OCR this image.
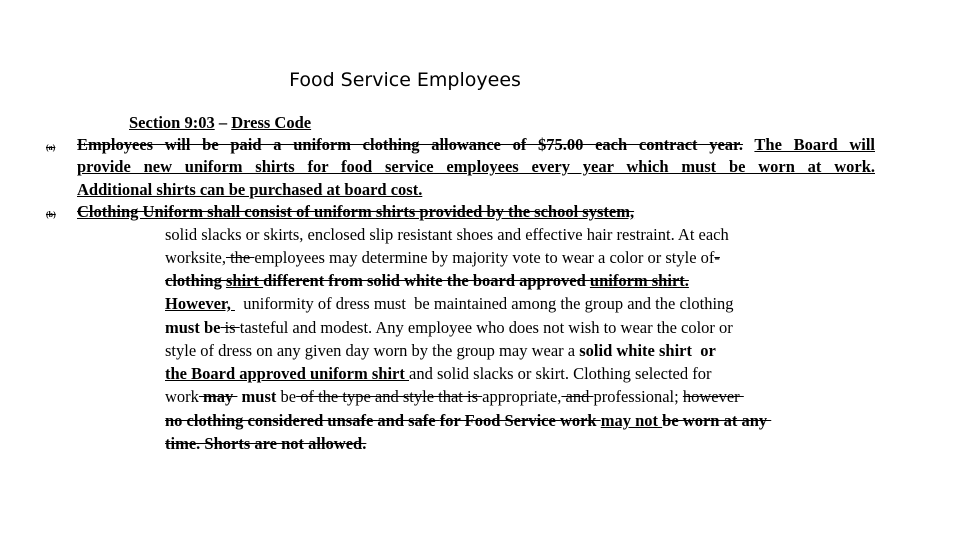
Food Service Employees
(a)
(b)
Section 9:03 – Dress Code
Employees will be paid a uniform clothing allowance of $75.00 each contract year. The Board will
provide new uniform shirts for food service employees every year which must be worn at work.
Additional shirts can be purchased at board cost.
Clothing Uniform shall consist of uniform shirts provided by the school system,
solid slacks or skirts, enclosed slip resistant shoes and effective hair restraint. At each
worksite, the employees may determine by majority vote to wear a color or style of-
clothing shirt different from solid white the board approved uniform shirt.
However,   uniformity of dress must  be maintained among the group and the clothing
must be is tasteful and modest. Any employee who does not wish to wear the color or
style of dress on any given day worn by the group may wear a solid white shirt  or
the Board approved uniform shirt and solid slacks or skirt. Clothing selected for
work may  must be of the type and style that is appropriate, and professional; however
no clothing considered unsafe and safe for Food Service work may not be worn at any
time. Shorts are not allowed.
